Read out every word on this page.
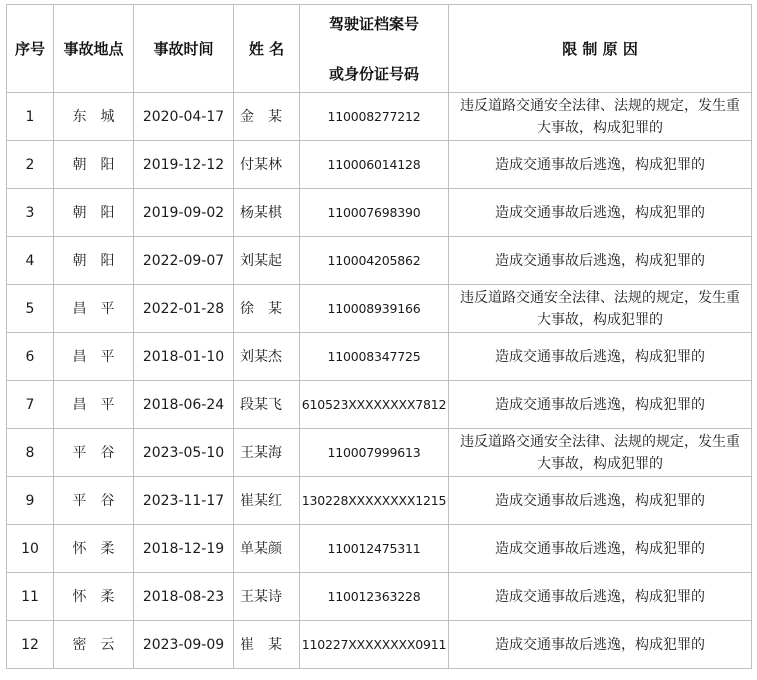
序号	事故地点	事故时间	姓 名	驾驶证档案号
或身份证号码	限 制 原 因
1	东　城	2020-04-17	金　某	110008277212	违反道路交通安全法律、法规的规定，发生重大事故，构成犯罪的
2	朝　阳	2019-12-12	付某林	110006014128	造成交通事故后逃逸，构成犯罪的
3	朝　阳	2019-09-02	杨某棋	110007698390	造成交通事故后逃逸，构成犯罪的
4	朝　阳	2022-09-07	刘某起	110004205862	造成交通事故后逃逸，构成犯罪的
5	昌　平	2022-01-28	徐　某	110008939166	违反道路交通安全法律、法规的规定，发生重大事故，构成犯罪的
6	昌　平	2018-01-10	刘某杰	110008347725	造成交通事故后逃逸，构成犯罪的
7	昌　平	2018-06-24	段某飞	610523XXXXXXXX7812	造成交通事故后逃逸，构成犯罪的
8	平　谷	2023-05-10	王某海	110007999613	违反道路交通安全法律、法规的规定，发生重大事故，构成犯罪的
9	平　谷	2023-11-17	崔某红	130228XXXXXXXX1215	造成交通事故后逃逸，构成犯罪的
10	怀　柔	2018-12-19	单某颜	110012475311	造成交通事故后逃逸，构成犯罪的
11	怀　柔	2018-08-23	王某诗	110012363228	造成交通事故后逃逸，构成犯罪的
12	密　云	2023-09-09	崔　某	110227XXXXXXXX0911	造成交通事故后逃逸，构成犯罪的
